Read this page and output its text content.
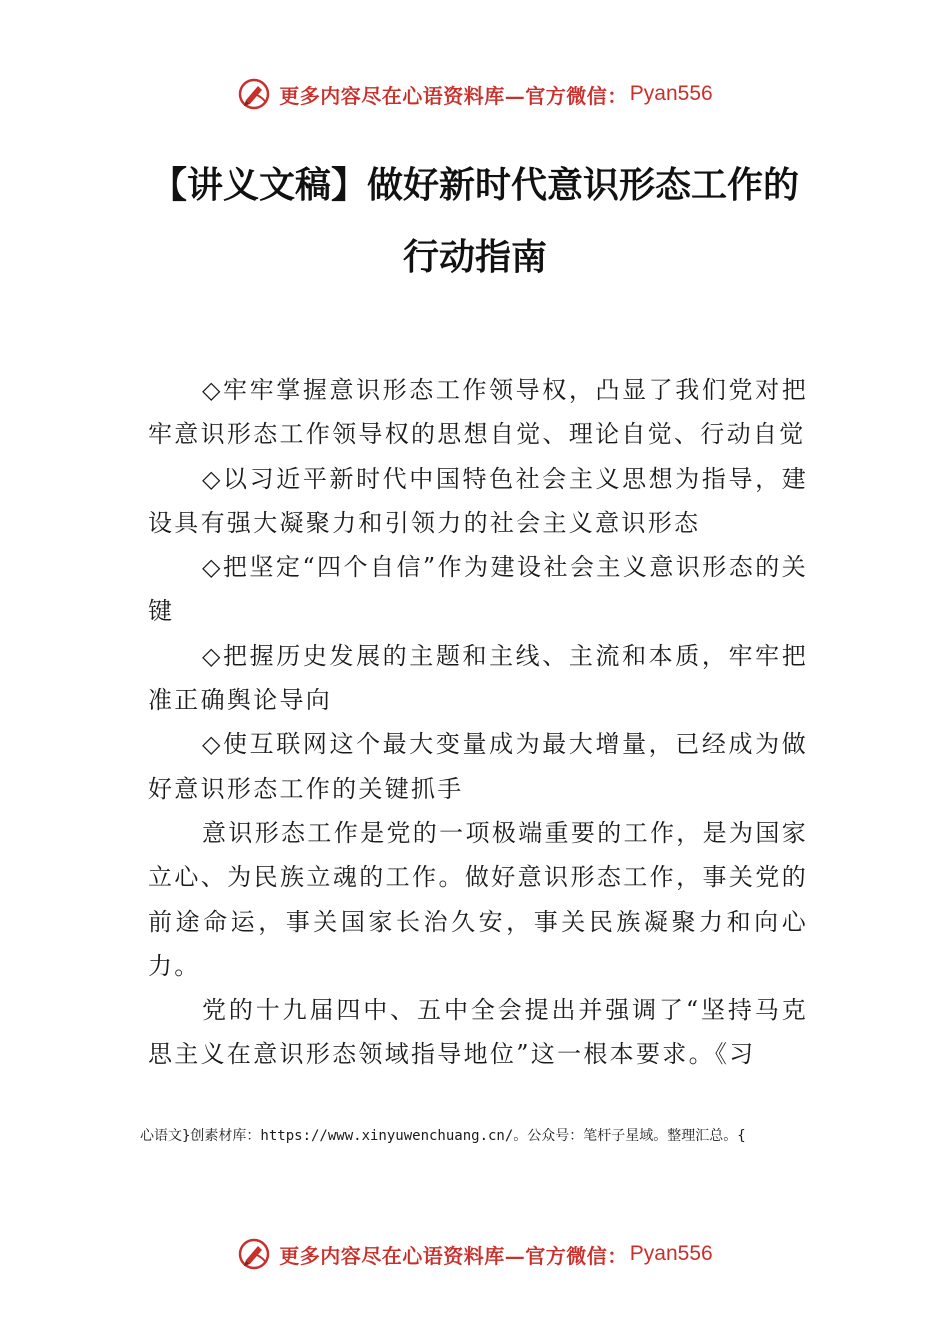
更多内容尽在心语资料库—官方微信： Pyan556
【讲义文稿】做好新时代意识形态工作的行动指南

◇牢牢掌握意识形态工作领导权，凸显了我们党对把牢意识形态工作领导权的思想自觉、理论自觉、行动自觉

◇以习近平新时代中国特色社会主义思想为指导，建设具有强大凝聚力和引领力的社会主义意识形态

◇把坚定“四个自信”作为建设社会主义意识形态的关键

◇把握历史发展的主题和主线、主流和本质，牢牢把准正确舆论导向

◇使互联网这个最大变量成为最大增量，已经成为做好意识形态工作的关键抓手

意识形态工作是党的一项极端重要的工作，是为国家立心、为民族立魂的工作。做好意识形态工作，事关党的前途命运，事关国家长治久安，事关民族凝聚力和向心力。

党的十九届四中、五中全会提出并强调了“坚持马克思主义在意识形态领域指导地位”这一根本要求。《习

心语文}创素材库：https://www.xinyuwenchuang.cn/。公众号：笔杆子星域。整理汇总。{
更多内容尽在心语资料库—官方微信： Pyan556
